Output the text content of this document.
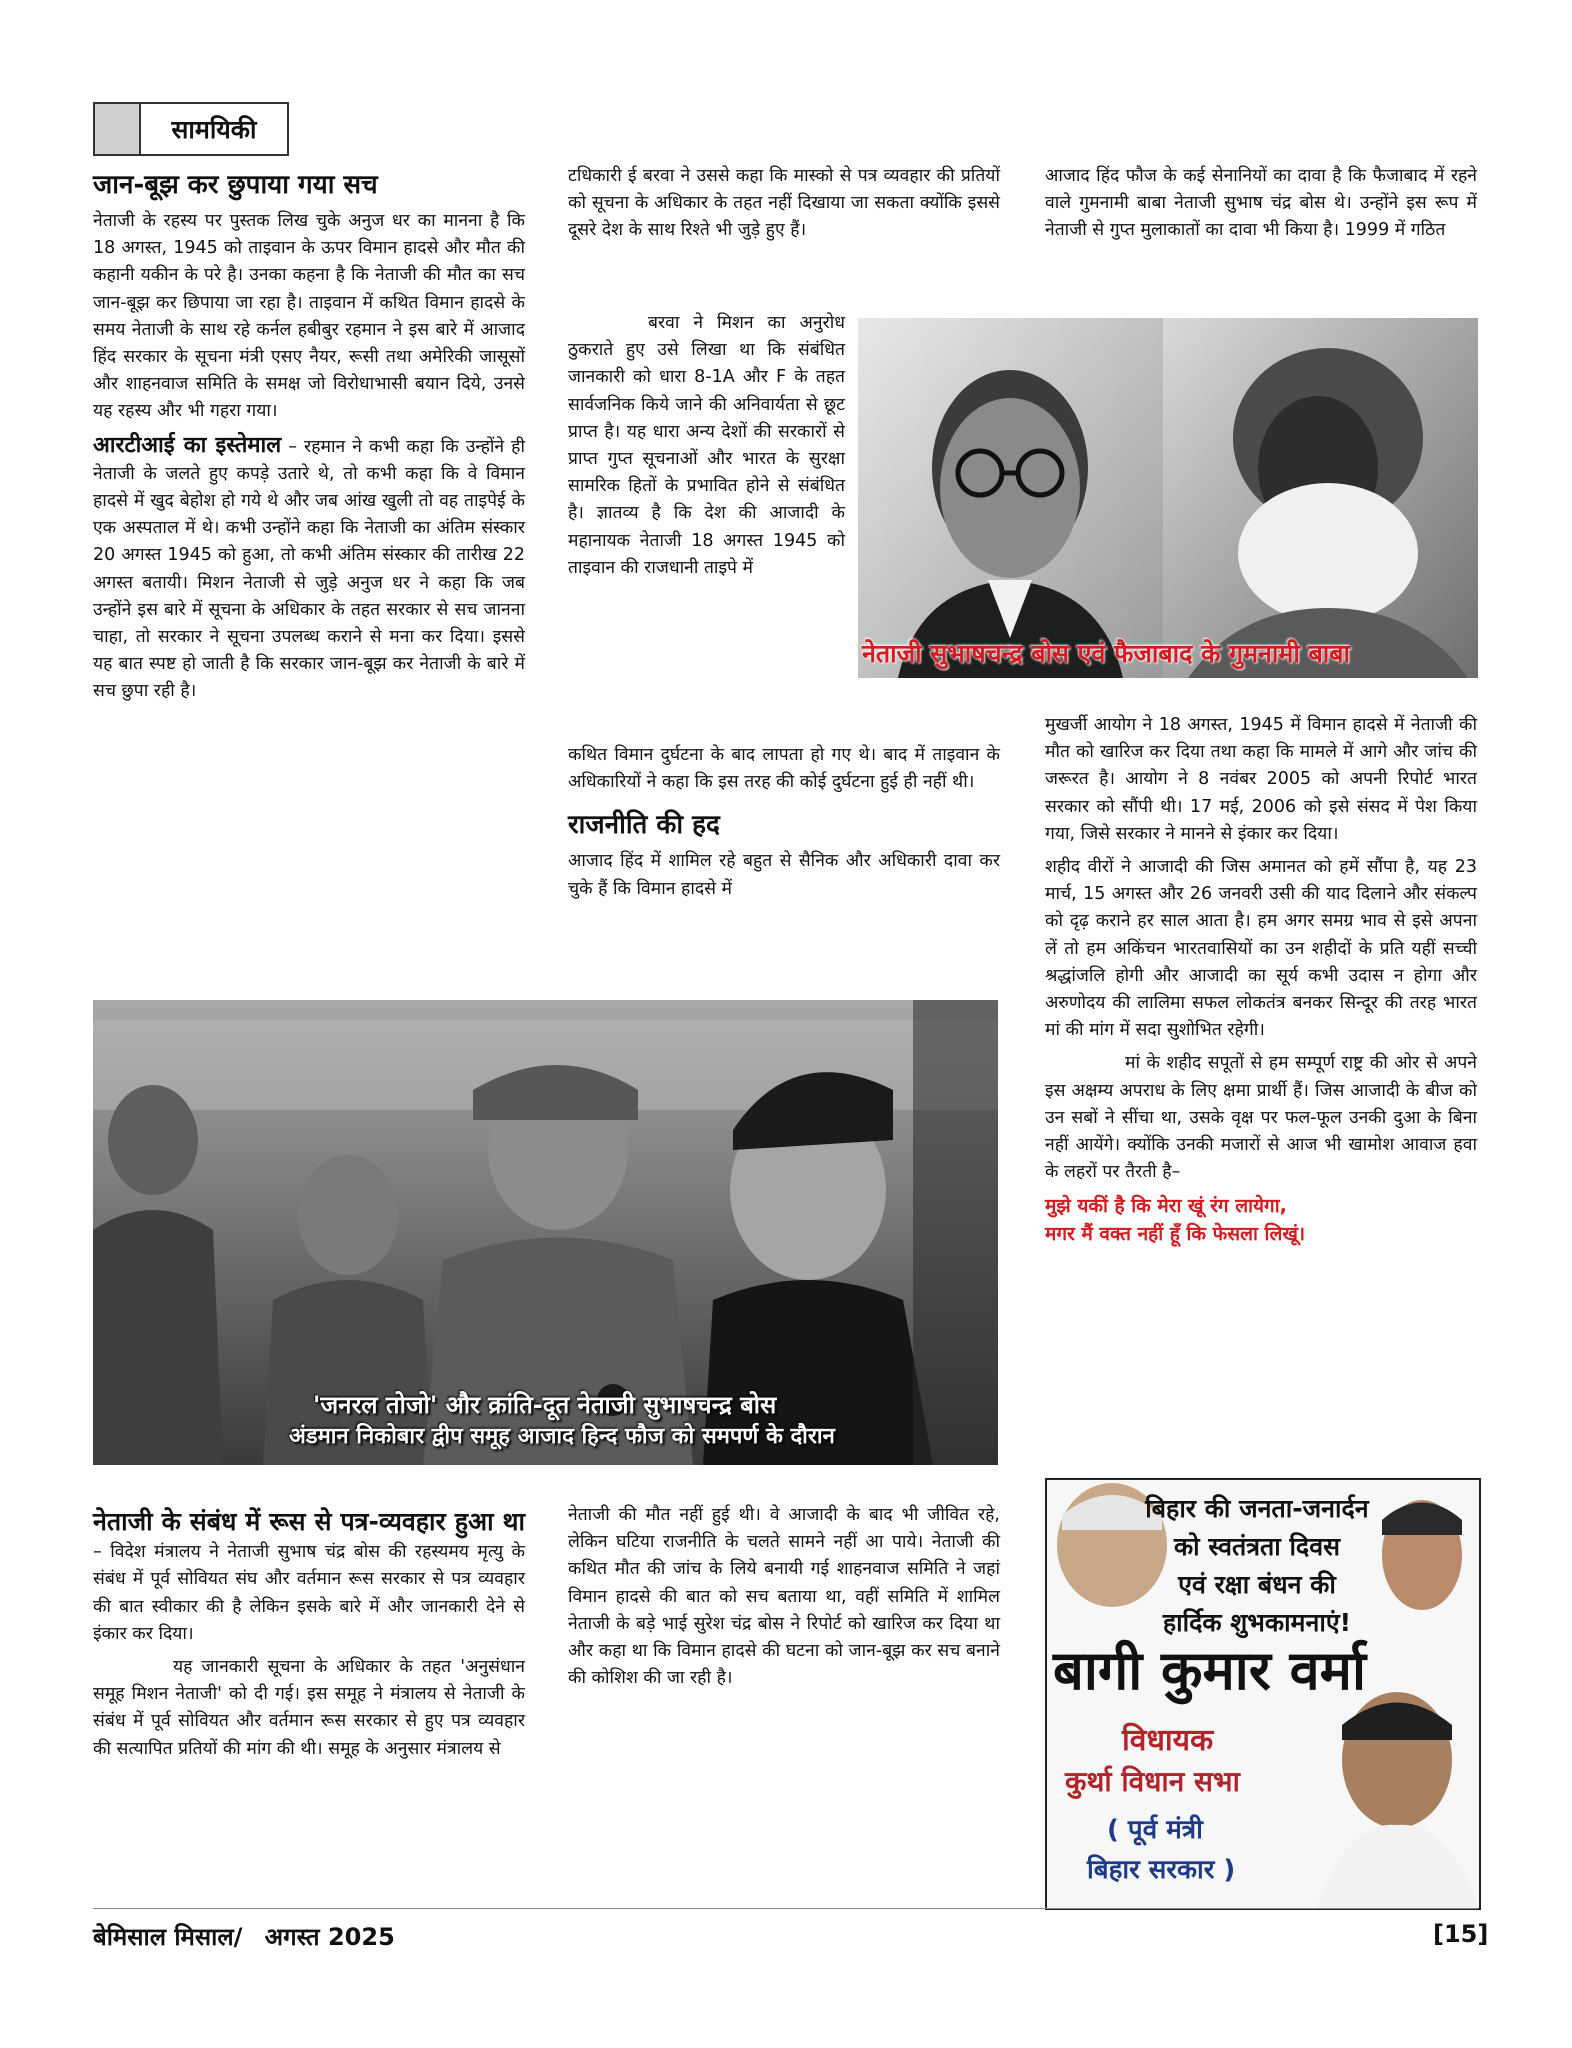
सामयिकी
जान-बूझ कर छुपाया गया सच

नेताजी के रहस्य पर पुस्तक लिख चुके अनुज धर का मानना है कि 18 अगस्त, 1945 को ताइवान के ऊपर विमान हादसे और मौत की कहानी यकीन के परे है। उनका कहना है कि नेताजी की मौत का सच जान-बूझ कर छिपाया जा रहा है। ताइवान में कथित विमान हादसे के समय नेताजी के साथ रहे कर्नल हबीबुर रहमान ने इस बारे में आजाद हिंद सरकार के सूचना मंत्री एसए नैयर, रूसी तथा अमेरिकी जासूसों और शाहनवाज समिति के समक्ष जो विरोधाभासी बयान दिये, उनसे यह रहस्य और भी गहरा गया।

आरटीआई का इस्तेमाल – रहमान ने कभी कहा कि उन्होंने ही नेताजी के जलते हुए कपड़े उतारे थे, तो कभी कहा कि वे विमान हादसे में खुद बेहोश हो गये थे और जब आंख खुली तो वह ताइपेई के एक अस्पताल में थे। कभी उन्होंने कहा कि नेताजी का अंतिम संस्कार 20 अगस्त 1945 को हुआ, तो कभी अंतिम संस्कार की तारीख 22 अगस्त बतायी। मिशन नेताजी से जुड़े अनुज धर ने कहा कि जब उन्होंने इस बारे में सूचना के अधिकार के तहत सरकार से सच जानना चाहा, तो सरकार ने सूचना उपलब्ध कराने से मना कर दिया। इससे यह बात स्पष्ट हो जाती है कि सरकार जान-बूझ कर नेताजी के बारे में सच छुपा रही है।

टधिकारी ई बरवा ने उससे कहा कि मास्को से पत्र व्यवहार की प्रतियों को सूचना के अधिकार के तहत नहीं दिखाया जा सकता क्योंकि इससे दूसरे देश के साथ रिश्ते भी जुड़े हुए हैं।

बरवा ने मिशन का अनुरोध ठुकराते हुए उसे लिखा था कि संबंधित जानकारी को धारा 8-1A और F के तहत सार्वजनिक किये जाने की अनिवार्यता से छूट प्राप्त है। यह धारा अन्य देशों की सरकारों से प्राप्त गुप्त सूचनाओं और भारत के सुरक्षा सामरिक हितों के प्रभावित होने से संबंधित है। ज्ञातव्य है कि देश की आजादी के महानायक नेताजी 18 अगस्त 1945 को ताइवान की राजधानी ताइपे में

कथित विमान दुर्घटना के बाद लापता हो गए थे। बाद में ताइवान के अधिकारियों ने कहा कि इस तरह की कोई दुर्घटना हुई ही नहीं थी।

राजनीति की हद

आजाद हिंद में शामिल रहे बहुत से सैनिक और अधिकारी दावा कर चुके हैं कि विमान हादसे में

आजाद हिंद फौज के कई सेनानियों का दावा है कि फैजाबाद में रहने वाले गुमनामी बाबा नेताजी सुभाष चंद्र बोस थे। उन्होंने इस रूप में नेताजी से गुप्त मुलाकातों का दावा भी किया है। 1999 में गठित

नेताजी सुभाषचन्द्र बोस एवं फैजाबाद के गुमनामी बाबा

मुखर्जी आयोग ने 18 अगस्त, 1945 में विमान हादसे में नेताजी की मौत को खारिज कर दिया तथा कहा कि मामले में आगे और जांच की जरूरत है। आयोग ने 8 नवंबर 2005 को अपनी रिपोर्ट भारत सरकार को सौंपी थी। 17 मई, 2006 को इसे संसद में पेश किया गया, जिसे सरकार ने मानने से इंकार कर दिया।

शहीद वीरों ने आजादी की जिस अमानत को हमें सौंपा है, यह 23 मार्च, 15 अगस्त और 26 जनवरी उसी की याद दिलाने और संकल्प को दृढ़ कराने हर साल आता है। हम अगर समग्र भाव से इसे अपना लें तो हम अकिंचन भारतवासियों का उन शहीदों के प्रति यहीं सच्ची श्रद्धांजलि होगी और आजादी का सूर्य कभी उदास न होगा और अरुणोदय की लालिमा सफल लोकतंत्र बनकर सिन्दूर की तरह भारत मां की मांग में सदा सुशोभित रहेगी।

मां के शहीद सपूतों से हम सम्पूर्ण राष्ट्र की ओर से अपने इस अक्षम्य अपराध के लिए क्षमा प्रार्थी हैं। जिस आजादी के बीज को उन सबों ने सींचा था, उसके वृक्ष पर फल-फूल उनकी दुआ के बिना नहीं आयेंगे। क्योंकि उनकी मजारों से आज भी खामोश आवाज हवा के लहरों पर तैरती है–

मुझे यकीं है कि मेरा खूं रंग लायेगा,
मगर मैं वक्त नहीं हूँ कि फेसला लिखूं।
'जनरल तोजो' और क्रांति-दूत नेताजी सुभाषचन्द्र बोस
अंडमान निकोबार द्वीप समूह आजाद हिन्द फौज को समपर्ण के दौरान

नेताजी के संबंध में रूस से पत्र-व्यवहार हुआ था – विदेश मंत्रालय ने नेताजी सुभाष चंद्र बोस की रहस्यमय मृत्यु के संबंध में पूर्व सोवियत संघ और वर्तमान रूस सरकार से पत्र व्यवहार की बात स्वीकार की है लेकिन इसके बारे में और जानकारी देने से इंकार कर दिया।

यह जानकारी सूचना के अधिकार के तहत 'अनुसंधान समूह मिशन नेताजी' को दी गई। इस समूह ने मंत्रालय से नेताजी के संबंध में पूर्व सोवियत और वर्तमान रूस सरकार से हुए पत्र व्यवहार की सत्यापित प्रतियों की मांग की थी। समूह के अनुसार मंत्रालय से

नेताजी की मौत नहीं हुई थी। वे आजादी के बाद भी जीवित रहे, लेकिन घटिया राजनीति के चलते सामने नहीं आ पाये। नेताजी की कथित मौत की जांच के लिये बनायी गई शाहनवाज समिति ने जहां विमान हादसे की बात को सच बताया था, वहीं समिति में शामिल नेताजी के बड़े भाई सुरेश चंद्र बोस ने रिपोर्ट को खारिज कर दिया था और कहा था कि विमान हादसे की घटना को जान-बूझ कर सच बनाने की कोशिश की जा रही है।

बिहार की जनता-जनार्दन
को स्वतंत्रता दिवस
एवं रक्षा बंधन की
हार्दिक शुभकामनाएं!
बागी कुमार वर्मा
विधायक
कुर्था विधान सभा
( पूर्व मंत्री
बिहार सरकार )
बेमिसाल मिसाल/ अगस्त 2025	[15]
